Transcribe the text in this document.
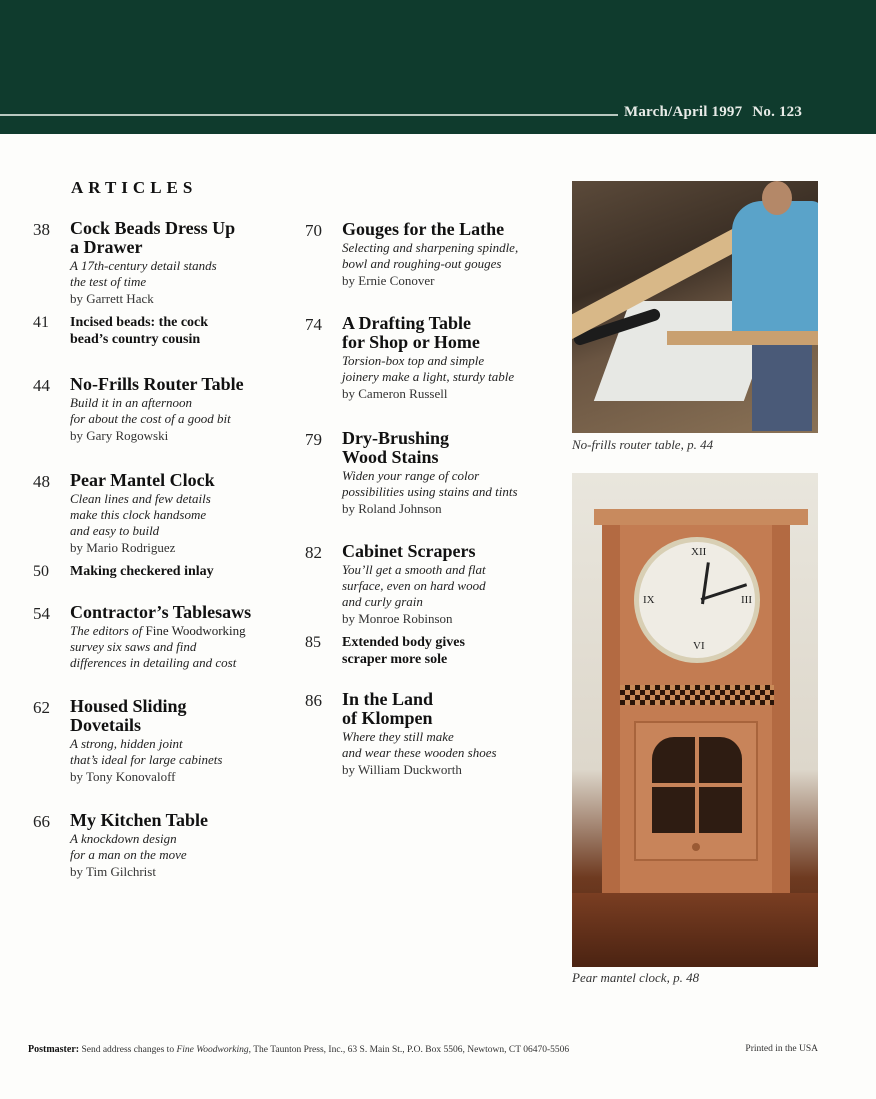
March/April 1997 No. 123
ARTICLES
38 Cock Beads Dress Up
a Drawer
A 17th-century detail stands
the test of time
by Garrett Hack
41 Incised beads: the cock
bead’s country cousin
44 No-Frills Router Table
Build it in an afternoon
for about the cost of a good bit
by Gary Rogowski
48 Pear Mantel Clock
Clean lines and few details
make this clock handsome
and easy to build
by Mario Rodriguez
50 Making checkered inlay
54 Contractor’s Tablesaws
The editors of Fine Woodworking
survey six saws and find
differences in detailing and cost
62 Housed Sliding
Dovetails
A strong, hidden joint
that’s ideal for large cabinets
by Tony Konovaloff
66 My Kitchen Table
A knockdown design
for a man on the move
by Tim Gilchrist
70 Gouges for the Lathe
Selecting and sharpening spindle,
bowl and roughing-out gouges
by Ernie Conover
74 A Drafting Table
for Shop or Home
Torsion-box top and simple
joinery make a light, sturdy table
by Cameron Russell
79 Dry-Brushing
Wood Stains
Widen your range of color
possibilities using stains and tints
by Roland Johnson
82 Cabinet Scrapers
You’ll get a smooth and flat
surface, even on hard wood
and curly grain
by Monroe Robinson
85 Extended body gives
scraper more sole
86 In the Land
of Klompen
Where they still make
and wear these wooden shoes
by William Duckworth
No-frills router table, p. 44
XII
III
VI
IX
Pear mantel clock, p. 48
Postmaster: Send address changes to Fine Woodworking, The Taunton Press, Inc., 63 S. Main St., P.O. Box 5506, Newtown, CT 06470-5506	Printed in the USA
